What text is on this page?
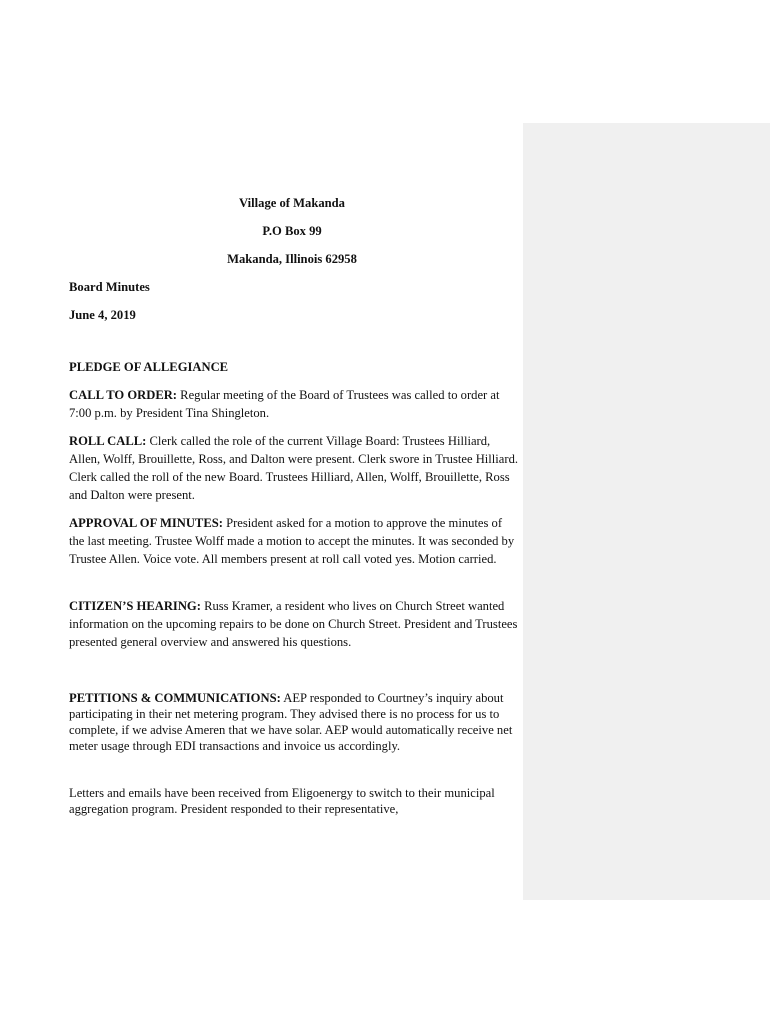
Village of Makanda
P.O Box 99
Makanda, Illinois 62958
Board Minutes
June 4, 2019
PLEDGE OF ALLEGIANCE
CALL TO ORDER: Regular meeting of the Board of Trustees was called to order at 7:00 p.m. by President Tina Shingleton.
ROLL CALL: Clerk called the role of the current Village Board: Trustees Hilliard, Allen, Wolff, Brouillette, Ross, and Dalton were present. Clerk swore in Trustee Hilliard. Clerk called the roll of the new Board. Trustees Hilliard, Allen, Wolff, Brouillette, Ross and Dalton were present.
APPROVAL OF MINUTES: President asked for a motion to approve the minutes of the last meeting. Trustee Wolff made a motion to accept the minutes. It was seconded by Trustee Allen. Voice vote. All members present at roll call voted yes. Motion carried.
CITIZEN’S HEARING: Russ Kramer, a resident who lives on Church Street wanted information on the upcoming repairs to be done on Church Street. President and Trustees presented general overview and answered his questions.
PETITIONS & COMMUNICATIONS: AEP responded to Courtney’s inquiry about participating in their net metering program. They advised there is no process for us to complete, if we advise Ameren that we have solar. AEP would automatically receive net meter usage through EDI transactions and invoice us accordingly.
Letters and emails have been received from Eligoenergy to switch to their municipal aggregation program. President responded to their representative,
